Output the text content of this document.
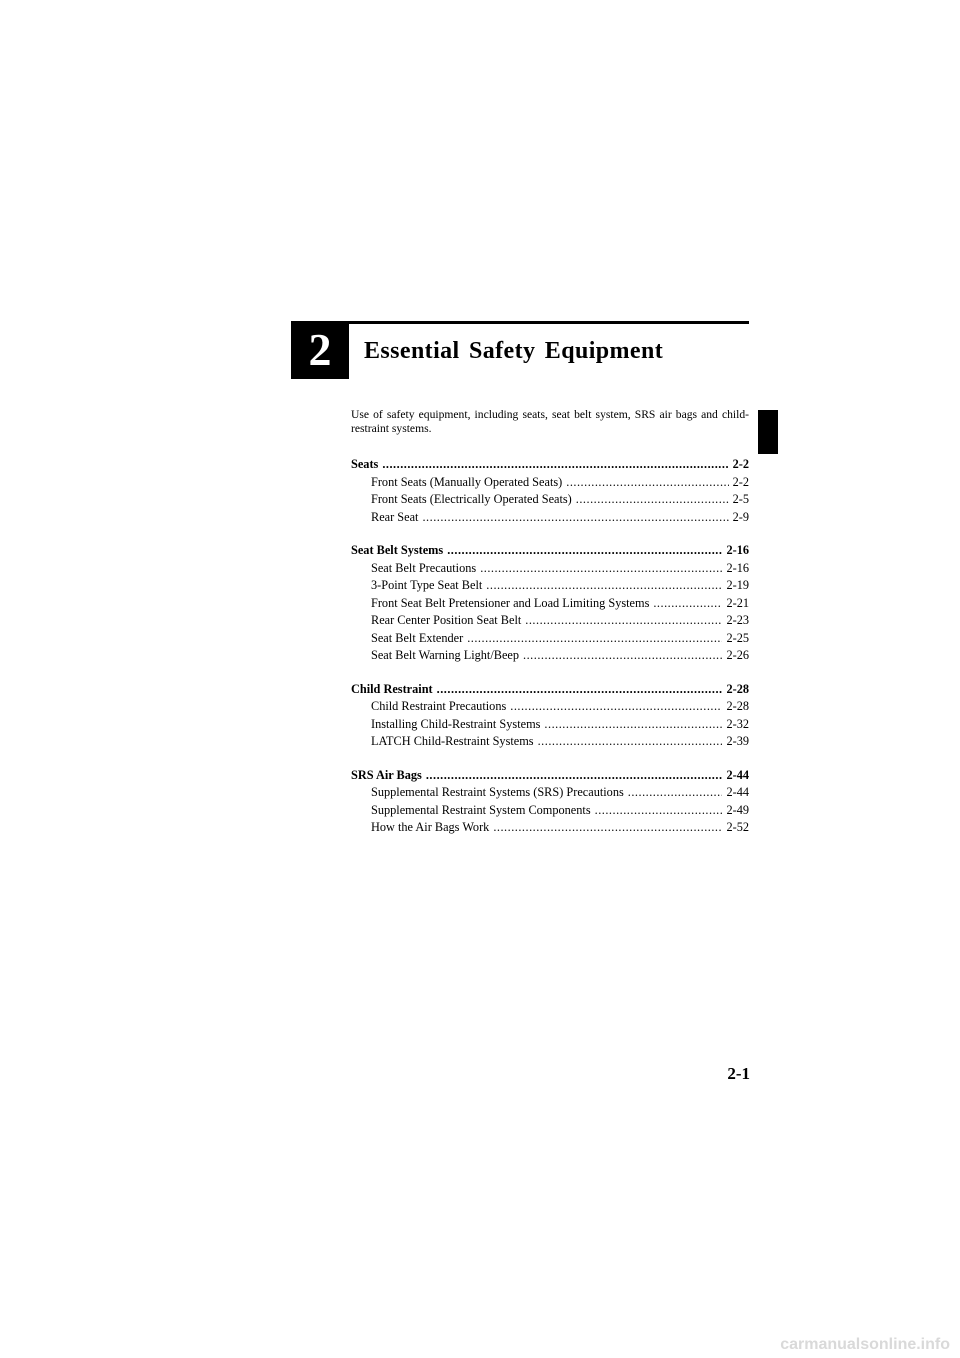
2	Essential Safety Equipment

Use of safety equipment, including seats, seat belt system, SRS air bags and child-restraint systems.

Seats .....	2-2
Front Seats (Manually Operated Seats) .....	2-2
Front Seats (Electrically Operated Seats) .....	2-5
Rear Seat .....	2-9
Seat Belt Systems .....	2-16
Seat Belt Precautions .....	2-16
3-Point Type Seat Belt .....	2-19
Front Seat Belt Pretensioner and Load Limiting Systems .....	2-21
Rear Center Position Seat Belt .....	2-23
Seat Belt Extender .....	2-25
Seat Belt Warning Light/Beep .....	2-26
Child Restraint .....	2-28
Child Restraint Precautions .....	2-28
Installing Child-Restraint Systems .....	2-32
LATCH Child-Restraint Systems .....	2-39
SRS Air Bags .....	2-44
Supplemental Restraint Systems (SRS) Precautions .....	2-44
Supplemental Restraint System Components .....	2-49
How the Air Bags Work .....	2-52
2-1
carmanualsonline.info
